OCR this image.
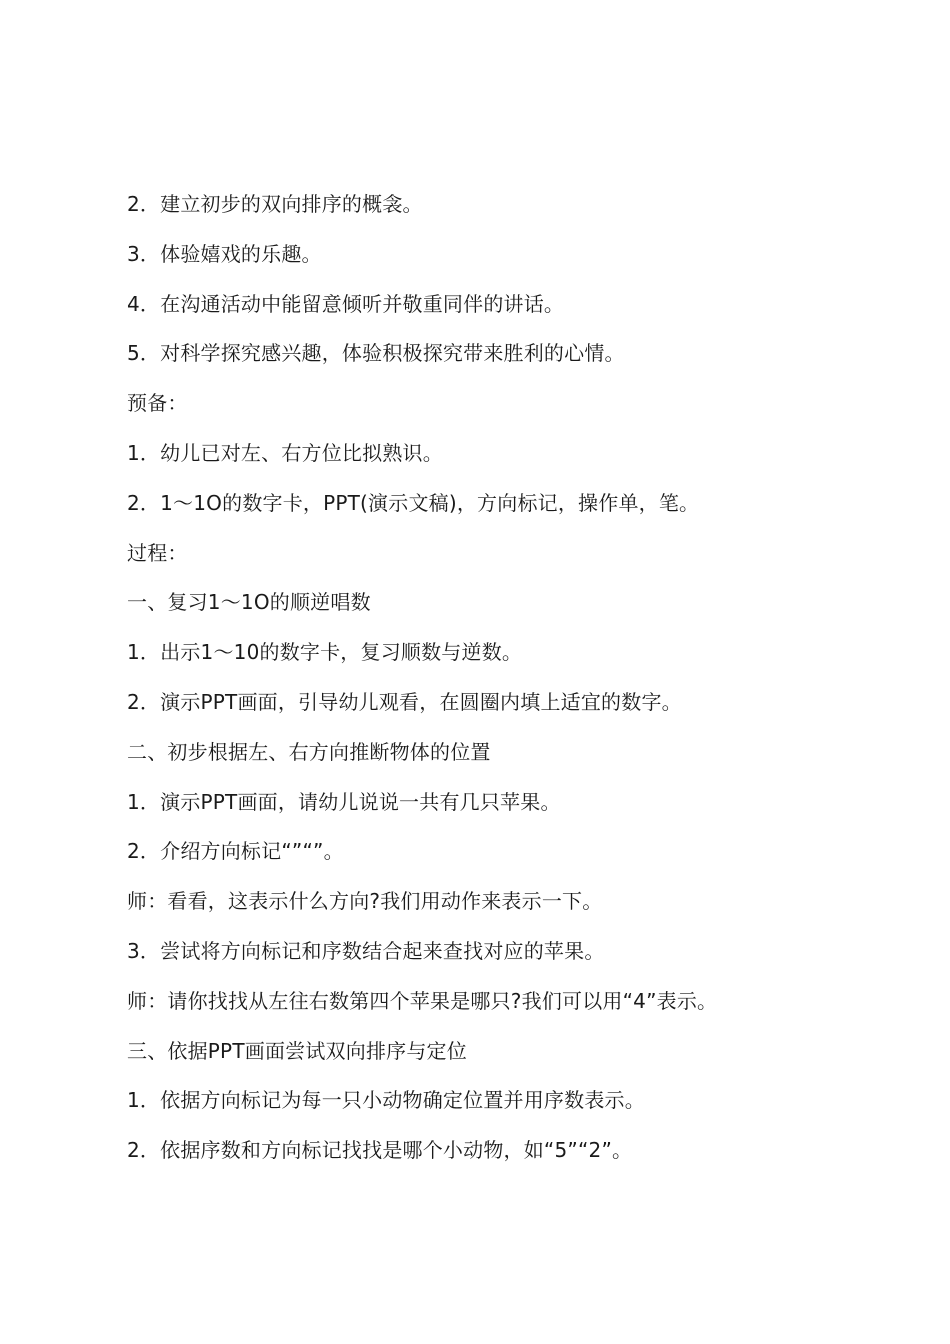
2．建立初步的双向排序的概衾。
3．体验嬉戏的乐趣。
4．在沟通活动中能留意倾听并敬重同伴的讲话。
5．对科学探究感兴趣，体验积极探究带来胜利的心情。
预备：
1．幼儿已对左、右方位比拟熟识。
2．1～1O的数字卡，PPT(演示文稿)，方向标记，操作单，笔。
过程：
一、复习1～1O的顺逆唱数
1．出示1～10的数字卡，复习顺数与逆数。
2．演示PPT画面，引导幼儿观看，在圆圈内填上适宜的数字。
二、初步根据左、右方向推断物体的位置
1．演示PPT画面，请幼儿说说一共有几只苹果。
2．介绍方向标记“”“”。
师：看看，这表示什么方向?我们用动作来表示一下。
3．尝试将方向标记和序数结合起来查找对应的苹果。
师：请你找找从左往右数第四个苹果是哪只?我们可以用“4”表示。
三、依据PPT画面尝试双向排序与定位
1．依据方向标记为每一只小动物确定位置并用序数表示。
2．依据序数和方向标记找找是哪个小动物，如“5”“2”。
